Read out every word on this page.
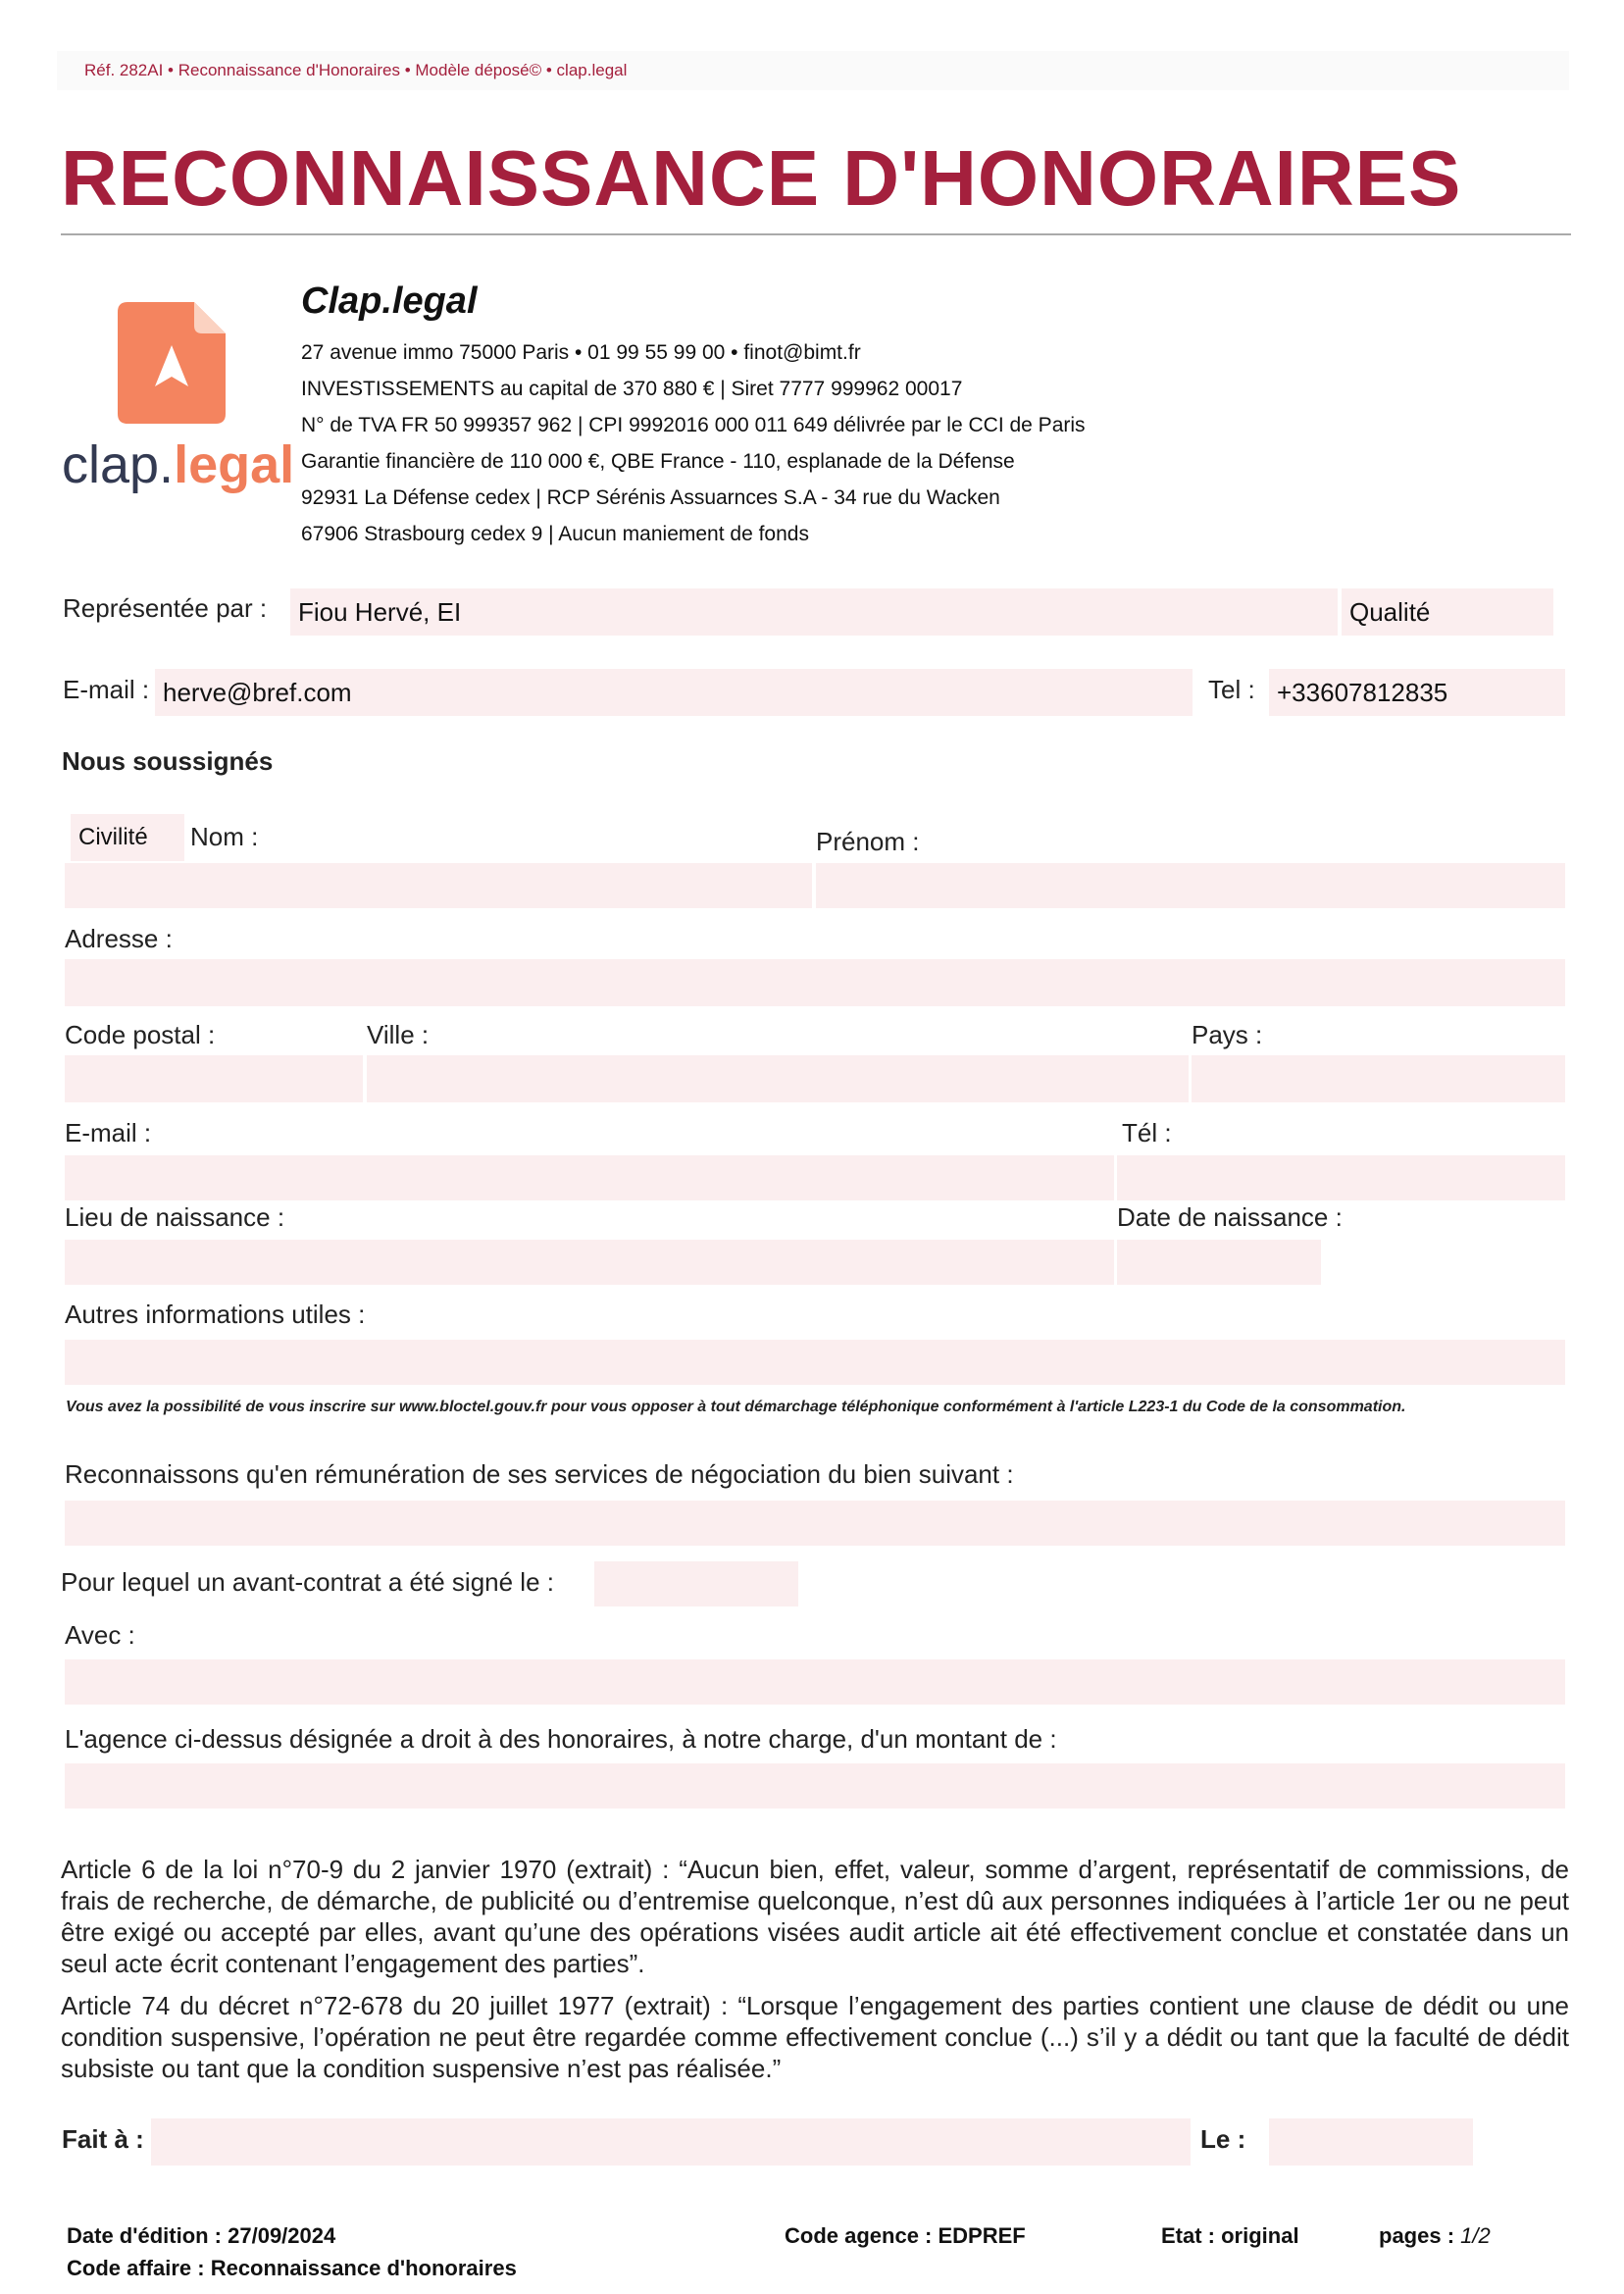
Réf. 282AI • Reconnaissance d'Honoraires • Modèle déposé© • clap.legal
RECONNAISSANCE D'HONORAIRES
clap.legal
Clap.legal
27 avenue immo 75000 Paris • 01 99 55 99 00 • finot@bimt.fr
INVESTISSEMENTS au capital de 370 880 € | Siret 7777 999962 00017
N° de TVA FR 50 999357 962 | CPI 9992016 000 011 649 délivrée par le CCI de Paris
Garantie financière de 110 000 €, QBE France - 110, esplanade de la Défense
92931 La Défense cedex | RCP Sérénis Assuarnces S.A - 34 rue du Wacken
67906 Strasbourg cedex 9 | Aucun maniement de fonds
Représentée par :	Fiou Hervé, EI	Qualité
E-mail : herve@bref.com	Tel : +33607812835
Nous soussignés
Civilité	Nom :	Prénom :
Adresse :
Code postal :	Ville :	Pays :
E-mail :	Tél :
Lieu de naissance :	Date de naissance :
Autres informations utiles :
Vous avez la possibilité de vous inscrire sur www.bloctel.gouv.fr pour vous opposer à tout démarchage téléphonique conformément à l'article L223-1 du Code de la consommation.
Reconnaissons qu'en rémunération de ses services de négociation du bien suivant :
Pour lequel un avant-contrat a été signé le :
Avec :
L'agence ci-dessus désignée a droit à des honoraires, à notre charge, d'un montant de :
Article 6 de la loi n°70-9 du 2 janvier 1970 (extrait) : “Aucun bien, effet, valeur, somme d’argent, représentatif de commissions, de frais de recherche, de démarche, de publicité ou d’entremise quelconque, n’est dû aux personnes indiquées à l’article 1er ou ne peut être exigé ou accepté par elles, avant qu’une des opérations visées audit article ait été effectivement conclue et constatée dans un seul acte écrit contenant l’engagement des parties”.
Article 74 du décret n°72-678 du 20 juillet 1977 (extrait) : “Lorsque l’engagement des parties contient une clause de dédit ou une condition suspensive, l’opération ne peut être regardée comme effectivement conclue (...) s’il y a dédit ou tant que la faculté de dédit subsiste ou tant que la condition suspensive n’est pas réalisée.”
Fait à :	Le :
Date d'édition : 27/09/2024
Code affaire : Reconnaissance d'honoraires
Code agence : EDPREF	Etat : original	pages : 1/2
